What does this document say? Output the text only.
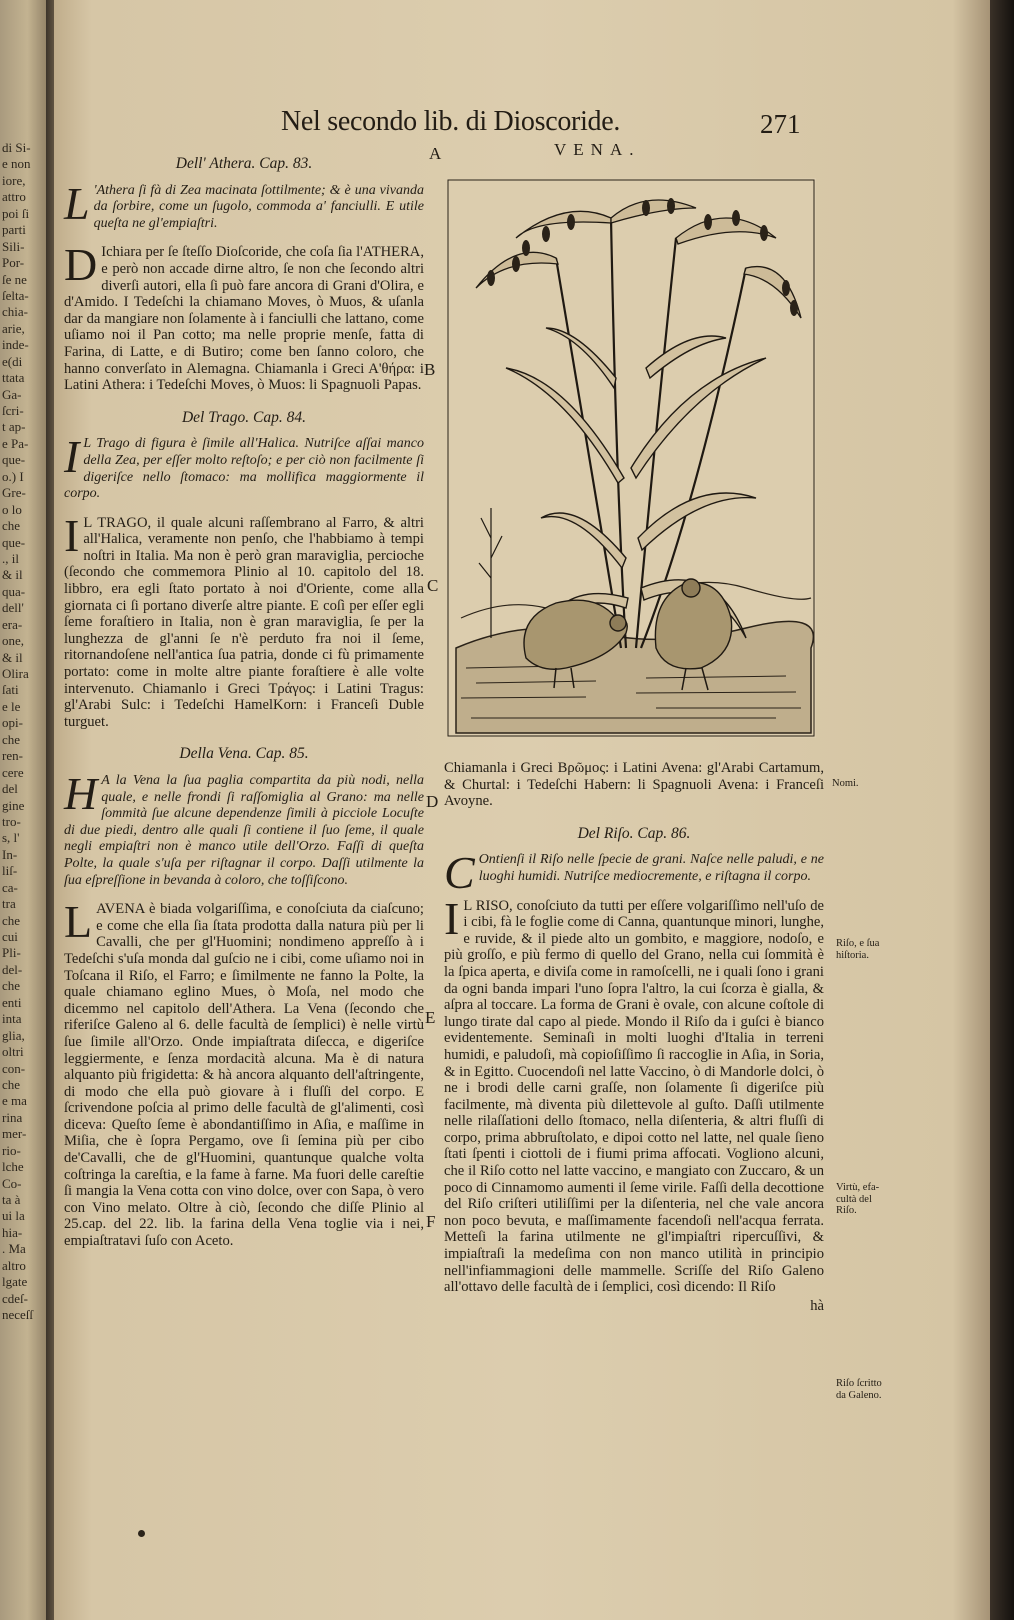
di Si-
e non
iore,
attro
poi ſi
parti
Sili-
Por-
ſe ne
ſelta-
chia-
arie,
inde-
e(di
ttata
Ga-
ſcri-
t ap-
e Pa-
que-
o.) I
Gre-
o lo
che
que-
., il
& il
qua-
dell'
era-
one,
& il
Olira
ſati
e le
opi-
che
ren-
cere
del
gine
tro-
s, l'
In-
liſ-
ca-
tra
che
cui
Pli-
del-
che
enti
inta
glia,
oltri
con-
che
e ma
rina
mer-
rio-
lche
Co-
ta à
ui la
hia-
. Ma
altro
lgate
cdeſ-
neceſſ
Nel secondo lib. di Dioscoride.	271
A	VENA.
B
C
D
E
F

Dell' Athera. Cap. 83.

L 'Athera ſi fà di Zea macinata ſottilmente; & è una vivanda da ſorbire, come un ſugolo, commoda a' fanciulli. E utile queſta ne gl'empiaſtri.

D Ichiara per ſe ſteſſo Dioſcoride, che coſa ſia l'ATHERA, e però non accade dirne altro, ſe non che ſecondo altri diverſi autori, ella ſi può fare ancora di Grani d'Olira, e d'Amido. I Tedeſchi la chiamano Moves, ò Muos, & uſanla dar da mangiare non ſolamente à i fanciulli che lattano, come uſiamo noi il Pan cotto; ma nelle proprie menſe, fatta di Farina, di Latte, e di Butiro; come ben ſanno coloro, che hanno converſato in Alemagna. Chiamanla i Greci A'θήρα: i Latini Athera: i Tedeſchi Moves, ò Muos: li Spagnuoli Papas.

Del Trago. Cap. 84.

I L Trago di figura è ſimile all'Halica. Nutriſce aſſai manco della Zea, per eſſer molto reſtoſo; e per ciò non facilmente ſi digeriſce nello ſtomaco: ma mollifica maggiormente il corpo.

I L TRAGO, il quale alcuni raſſembrano al Farro, & altri all'Halica, veramente non penſo, che l'habbiamo à tempi noſtri in Italia. Ma non è però gran maraviglia, percioche (ſecondo che commemora Plinio al 10. capitolo del 18. libbro, era egli ſtato portato à noi d'Oriente, come alla giornata ci ſi portano diverſe altre piante. E coſì per eſſer egli ſeme foraſtiero in Italia, non è gran maraviglia, ſe per la lunghezza de gl'anni ſe n'è perduto fra noi il ſeme, ritornandoſene nell'antica ſua patria, donde ci fù primamente portato: come in molte altre piante foraſtiere è alle volte intervenuto. Chiamanlo i Greci Τράγος: i Latini Tragus: gl'Arabi Sulc: i Tedeſchi HamelKorn: i Franceſi Duble turguet.

Della Vena. Cap. 85.

H A la Vena la ſua paglia compartita da più nodi, nella quale, e nelle frondi ſi raſſomiglia al Grano: ma nelle ſommità ſue alcune dependenze ſimili à picciole Locuſte di due piedi, dentro alle quali ſi contiene il ſuo ſeme, il quale negli empiaſtri non è manco utile dell'Orzo. Faſſi di queſta Polte, la quale s'uſa per riſtagnar il corpo. Daſſi utilmente la ſua eſpreſſione in bevanda à coloro, che toſſiſcono.

LAVENA è biada volgariſſima, e conoſciuta da ciaſcuno; e come che ella ſia ſtata prodotta dalla natura più per li Cavalli, che per gl'Huomini; nondimeno appreſſo à i Tedeſchi s'uſa monda dal guſcio ne i cibi, come uſiamo noi in Toſcana il Riſo, el Farro; e ſimilmente ne fanno la Polte, la quale chiamano eglino Mues, ò Moſa, nel modo che dicemmo nel capitolo dell'Athera. La Vena (ſecondo che riferiſce Galeno al 6. delle facultà de ſemplici) è nelle virtù ſue ſimile all'Orzo. Onde impiaſtrata diſecca, e digeriſce leggiermente, e ſenza mordacità alcuna. Ma è di natura alquanto più frigidetta: & hà ancora alquanto dell'aſtringente, di modo che ella può giovare à i fluſſi del corpo. E ſcrivendone poſcia al primo delle facultà de gl'alimenti, così diceva: Queſto ſeme è abondantiſſimo in Aſia, e maſſime in Miſia, che è ſopra Pergamo, ove ſi ſemina più per cibo de'Cavalli, che de gl'Huomini, quantunque qualche volta coſtringa la careſtia, e la fame à farne. Ma fuori delle careſtie ſi mangia la Vena cotta con vino dolce, over con Sapa, ò vero con Vino melato. Oltre à ciò, ſecondo che diſſe Plinio al 25.cap. del 22. lib. la farina della Vena toglie via i nei, empiaſtratavi ſuſo con Aceto.

Chiamanla i Greci Βρῶμος: i Latini Avena: gl'Arabi Cartamum, & Churtal: i Tedeſchi Habern: li Spagnuoli Avena: i Franceſi Avoyne.

Del Riſo. Cap. 86.

C Ontienſi il Riſo nelle ſpecie de grani. Naſce nelle paludi, e ne luoghi humidi. Nutriſce mediocremente, e riſtagna il corpo.

I L RISO, conoſciuto da tutti per eſſere volgariſſimo nell'uſo de i cibi, fà le foglie come di Canna, quantunque minori, lunghe, e ruvide, & il piede alto un gombito, e maggiore, nodoſo, e più groſſo, e più fermo di quello del Grano, nella cui ſommità è la ſpica aperta, e diviſa come in ramoſcelli, ne i quali ſono i grani da ogni banda impari l'uno ſopra l'altro, la cui ſcorza è gialla, & aſpra al toccare. La forma de Grani è ovale, con alcune coſtole di lungo tirate dal capo al piede. Mondo il Riſo da i guſci è bianco evidentemente. Seminaſi in molti luoghi d'Italia in terreni humidi, e paludoſi, mà copioſiſſimo ſi raccoglie in Aſia, in Soria, & in Egitto. Cuocendoſi nel latte Vaccino, ò di Mandorle dolci, ò ne i brodi delle carni graſſe, non ſolamente ſi digeriſce più facilmente, mà diventa più dilettevole al guſto. Daſſi utilmente nelle rilaſſationi dello ſtomaco, nella diſenteria, & altri fluſſi di corpo, prima abbruſtolato, e dipoi cotto nel latte, nel quale ſieno ſtati ſpenti i ciottoli de i fiumi prima affocati. Vogliono alcuni, che il Riſo cotto nel latte vaccino, e mangiato con Zuccaro, & un poco di Cinnamomo aumenti il ſeme virile. Faſſi della decottione del Riſo criſteri utiliſſimi per la diſenteria, nel che vale ancora non poco bevuta, e maſſimamente facendoſi nell'acqua ferrata. Metteſi la farina utilmente ne gl'impiaſtri ripercuſſivi, & impiaſtraſi la medeſima con non manco utilità in principio nell'infiammagioni delle mammelle. Scriſſe del Riſo Galeno all'ottavo delle facultà de i ſemplici, così dicendo: Il Riſo

hà

Nomi.
Riſo, e ſua
hiſtoria.
Virtù, efa-
cultà del
Riſo.
Riſo ſcritto
da Galeno.
